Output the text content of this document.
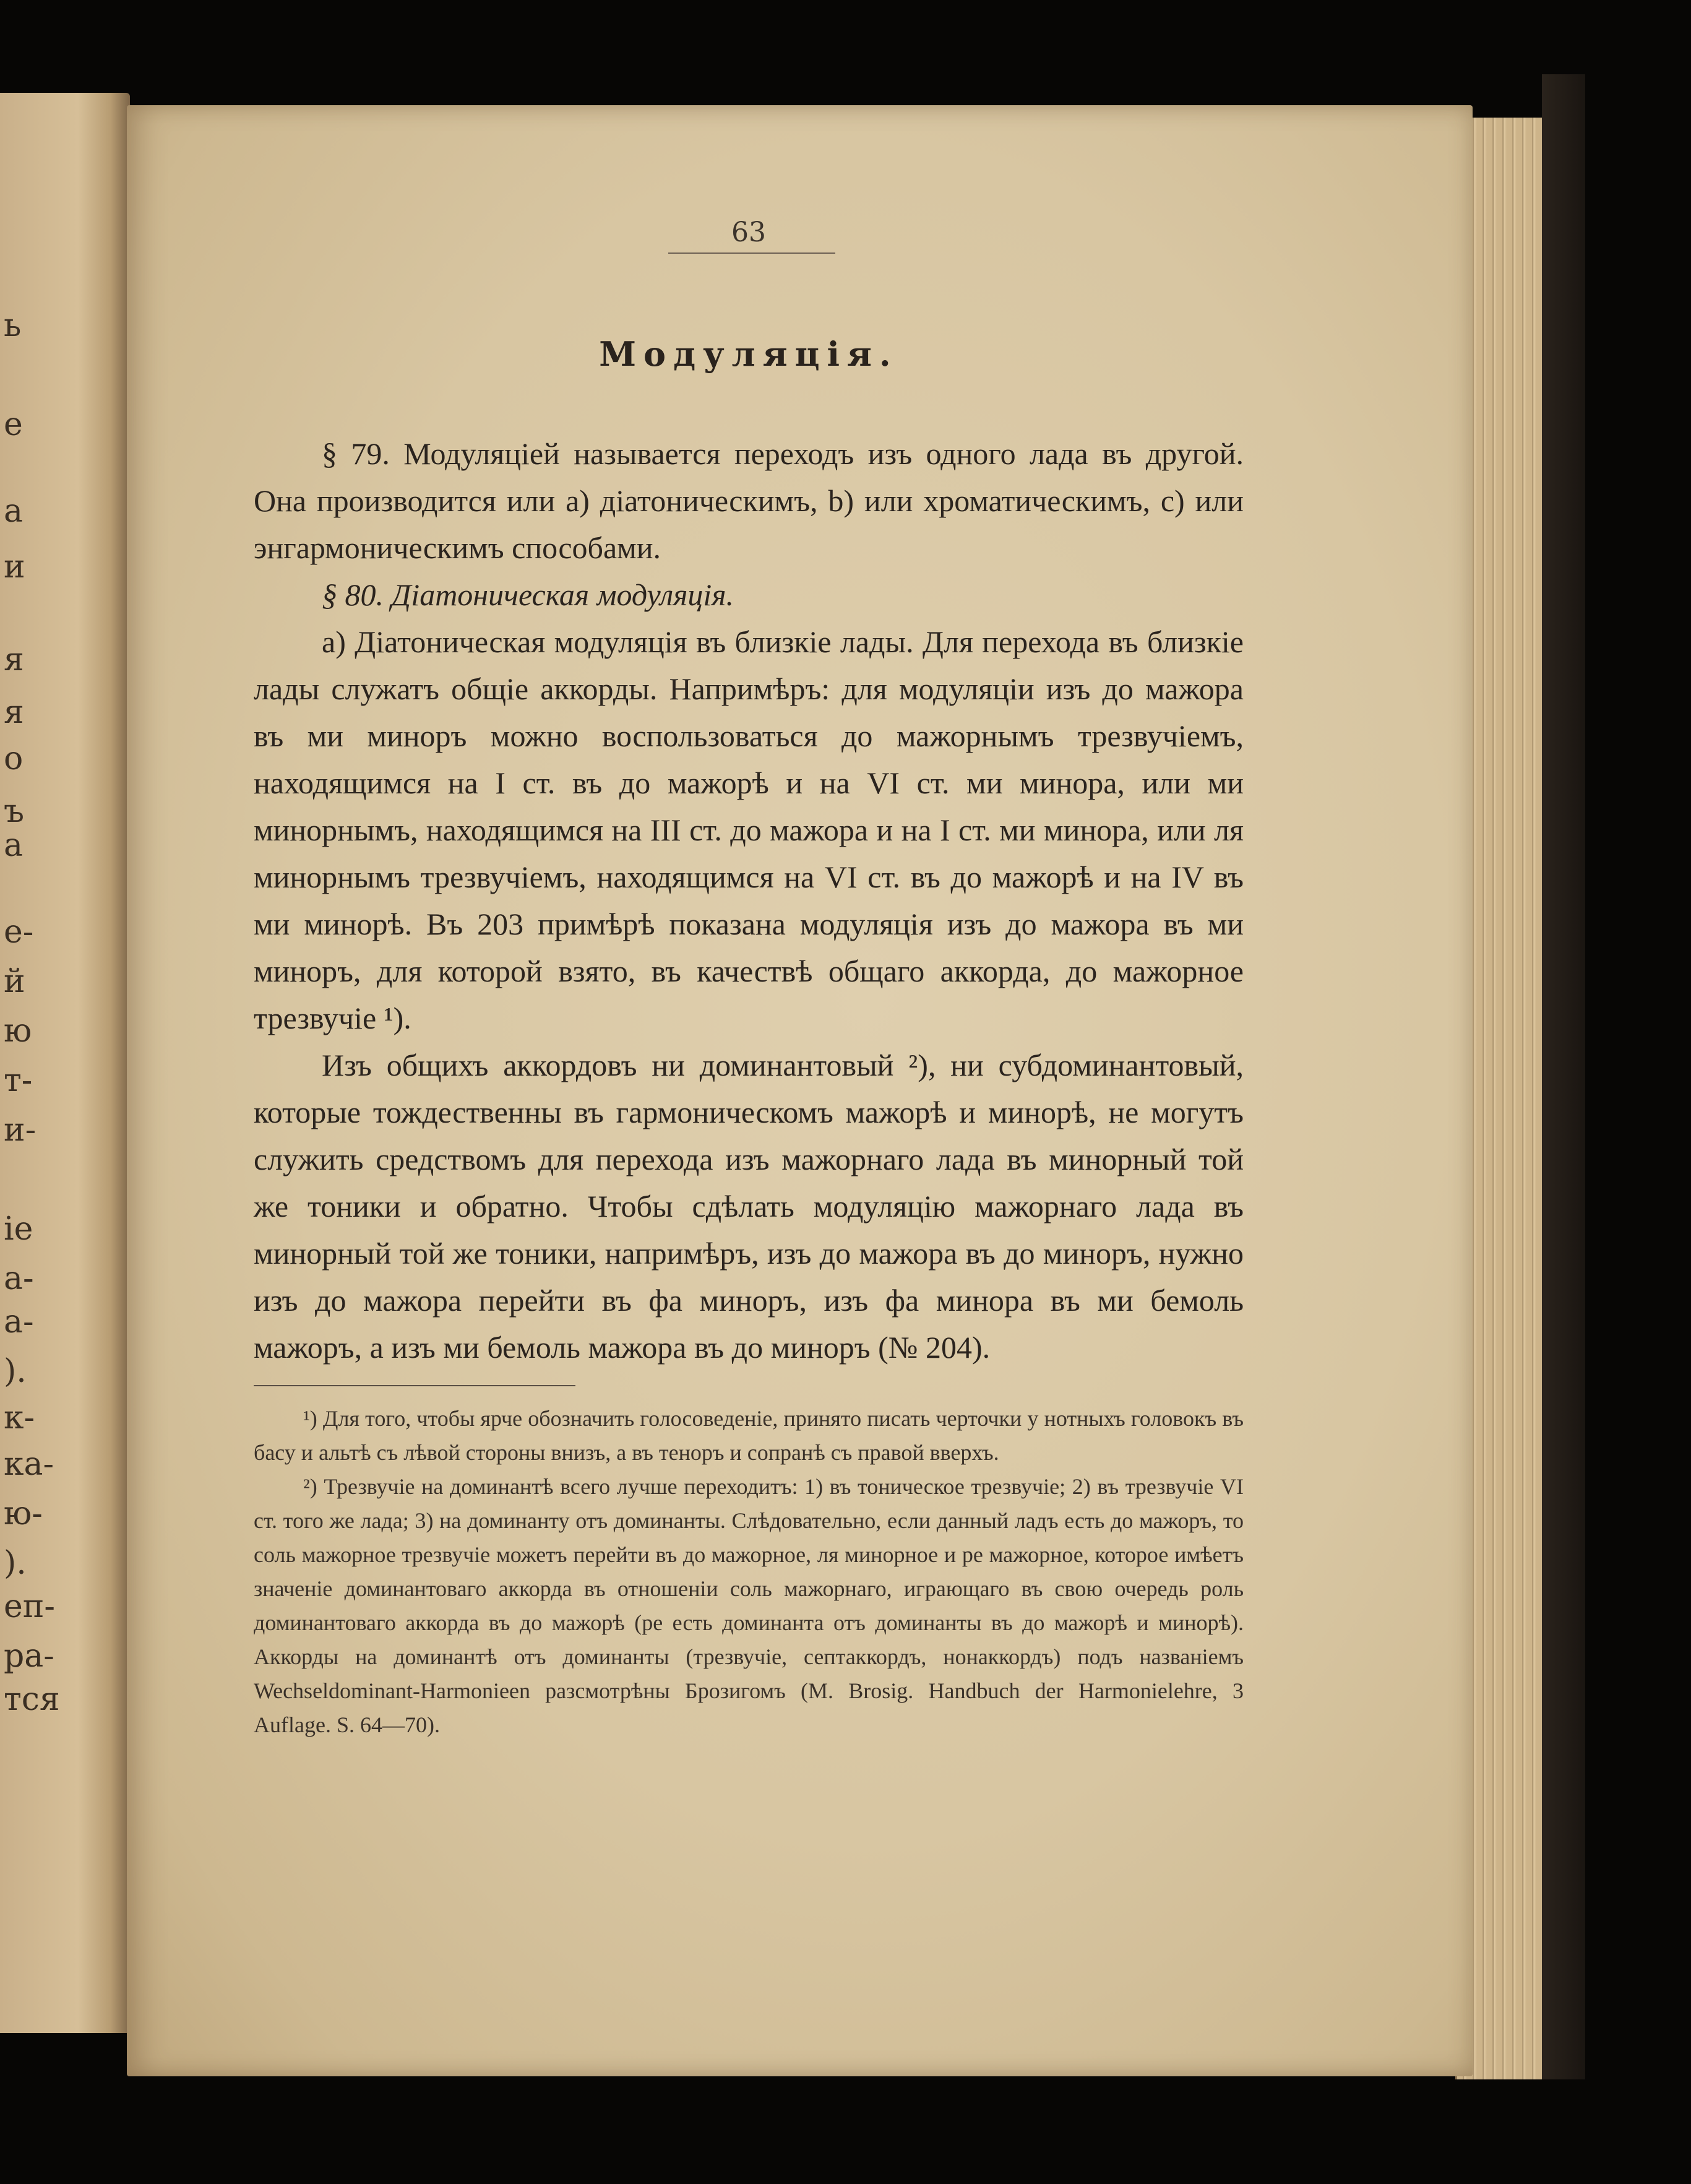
ь
е
а
и
я
я
о
ъ
а
е-
й
ю
т-
и-
іе
а-
а-
).
к-
ка-
ю-
).
еп-
ра-
тся
63
Модуляція.

§ 79. Модуляціей называется переходъ изъ одного лада въ другой. Она производится или a) діатоническимъ, b) или хроматическимъ, c) или энгармоническимъ способами.

§ 80. Діатоническая модуляція.

a) Діатоническая модуляція въ близкіе лады. Для перехода въ близкіе лады служатъ общіе аккорды. Напримѣръ: для модуляціи изъ до мажора въ ми миноръ можно воспользоваться до мажорнымъ трезвучіемъ, находящимся на I ст. въ до мажорѣ и на VI ст. ми минора, или ми минорнымъ, находящимся на III ст. до мажора и на I ст. ми минора, или ля минорнымъ трезвучіемъ, находящимся на VI ст. въ до мажорѣ и на IV въ ми минорѣ. Въ 203 примѣрѣ показана модуляція изъ до мажора въ ми миноръ, для которой взято, въ качествѣ общаго аккорда, до мажорное трезвучіе ¹).

Изъ общихъ аккордовъ ни доминантовый ²), ни субдоминантовый, которые тождественны въ гармоническомъ мажорѣ и минорѣ, не могутъ служить средствомъ для перехода изъ мажорнаго лада въ минорный той же тоники и обратно. Чтобы сдѣлать модуляцію мажорнаго лада въ минорный той же тоники, напримѣръ, изъ до мажора въ до миноръ, нужно изъ до мажора перейти въ фа миноръ, изъ фа минора въ ми бемоль мажоръ, а изъ ми бемоль мажора въ до миноръ (№ 204).

¹) Для того, чтобы ярче обозначить голосоведеніе, принято писать черточки у нотныхъ головокъ въ басу и альтѣ съ лѣвой стороны внизъ, а въ теноръ и сопранѣ съ правой вверхъ.

²) Трезвучіе на доминантѣ всего лучше переходитъ: 1) въ тоническое трезвучіе; 2) въ трезвучіе VI ст. того же лада; 3) на доминанту отъ доминанты. Слѣдовательно, если данный ладъ есть до мажоръ, то соль мажорное трезвучіе можетъ перейти въ до мажорное, ля минорное и ре мажорное, которое имѣетъ значеніе доминантоваго аккорда въ отношеніи соль мажорнаго, играющаго въ свою очередь роль доминантоваго аккорда въ до мажорѣ (ре есть доминанта отъ доминанты въ до мажорѣ и минорѣ). Аккорды на доминантѣ отъ доминанты (трезвучіе, септаккордъ, нонаккордъ) подъ названіемъ Wechseldominant-Harmonieen разсмотрѣны Брозигомъ (M. Brosig. Handbuch der Harmonielehre, 3 Auflage. S. 64—70).
